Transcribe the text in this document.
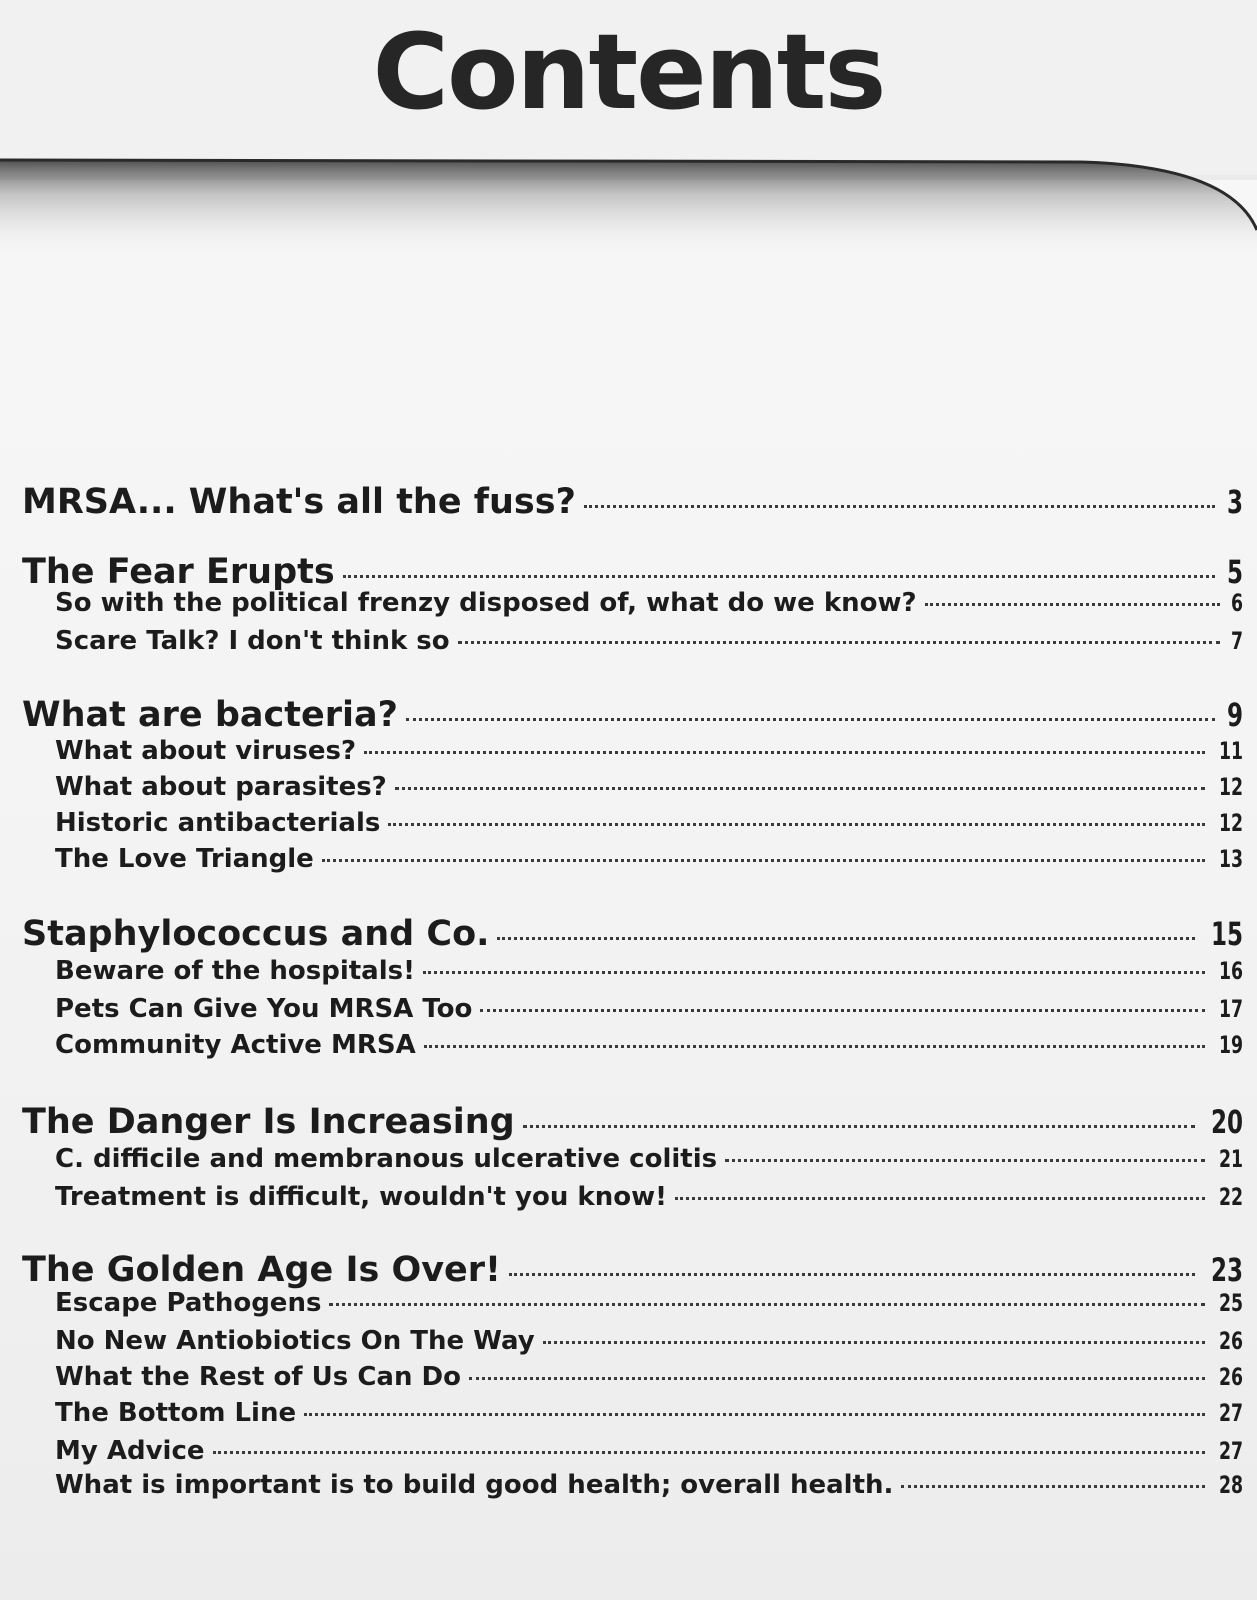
Contents
MRSA... What's all the fuss?	3
The Fear Erupts	5
So with the political frenzy disposed of, what do we know?	6
Scare Talk? I don't think so	7
What are bacteria?	9
What about viruses?	11
What about parasites?	12
Historic antibacterials	12
The Love Triangle	13
Staphylococcus and Co.	15
Beware of the hospitals!	16
Pets Can Give You MRSA Too	17
Community Active MRSA	19
The Danger Is Increasing	20
C. difficile and membranous ulcerative colitis	21
Treatment is difficult, wouldn't you know!	22
The Golden Age Is Over!	23
Escape Pathogens	25
No New Antiobiotics On The Way	26
What the Rest of Us Can Do	26
The Bottom Line	27
My Advice	27
What is important is to build good health; overall health.	28
